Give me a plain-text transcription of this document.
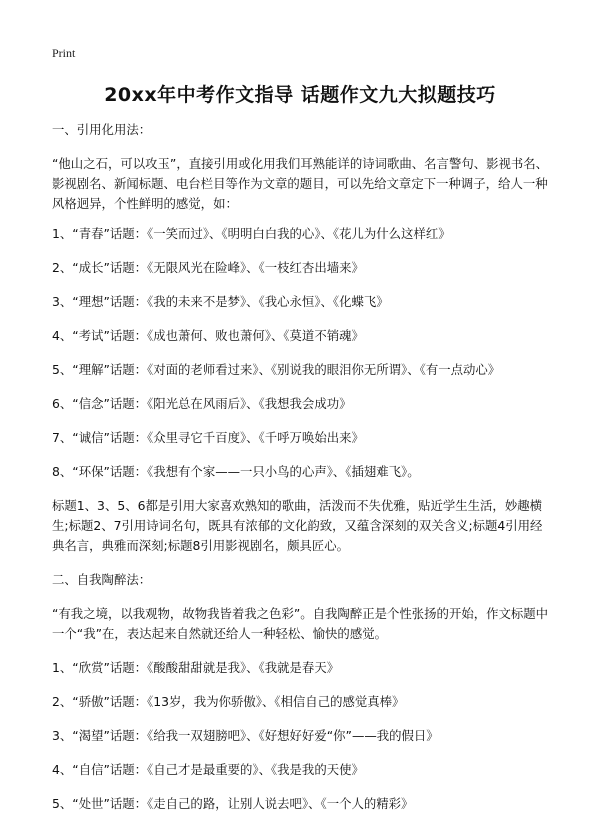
Print
20xx年中考作文指导 话题作文九大拟题技巧

一、引用化用法：

“他山之石，可以攻玉”，直接引用或化用我们耳熟能详的诗词歌曲、名言警句、影视书名、影视剧名、新闻标题、电台栏目等作为文章的题目，可以先给文章定下一种调子，给人一种风格迥异，个性鲜明的感觉，如：

1、“青春”话题：《一笑而过》、《明明白白我的心》、《花儿为什么这样红》

2、“成长”话题：《无限风光在险峰》、《一枝红杏出墙来》

3、“理想”话题：《我的未来不是梦》、《我心永恒》、《化蝶飞》

4、“考试”话题：《成也萧何、败也萧何》、《莫道不销魂》

5、“理解”话题：《对面的老师看过来》、《别说我的眼泪你无所谓》、《有一点动心》

6、“信念”话题：《阳光总在风雨后》、《我想我会成功》

7、“诚信”话题：《众里寻它千百度》、《千呼万唤始出来》

8、“环保”话题：《我想有个家——一只小鸟的心声》、《插翅难飞》。

标题1、3、5、6都是引用大家喜欢熟知的歌曲，活泼而不失优雅，贴近学生生活，妙趣横生;标题2、7引用诗词名句，既具有浓郁的文化韵致，又蕴含深刻的双关含义;标题4引用经典名言，典雅而深刻;标题8引用影视剧名，颇具匠心。

二、自我陶醉法：

“有我之境，以我观物，故物我皆着我之色彩”。自我陶醉正是个性张扬的开始，作文标题中一个“我”在，表达起来自然就还给人一种轻松、愉快的感觉。

1、“欣赏”话题：《酸酸甜甜就是我》、《我就是春天》

2、“骄傲”话题：《13岁，我为你骄傲》、《相信自己的感觉真棒》

3、“渴望”话题：《给我一双翅膀吧》、《好想好好爱“你”——我的假日》

4、“自信”话题：《自己才是最重要的》、《我是我的天使》

5、“处世”话题：《走自己的路，让别人说去吧》、《一个人的精彩》
